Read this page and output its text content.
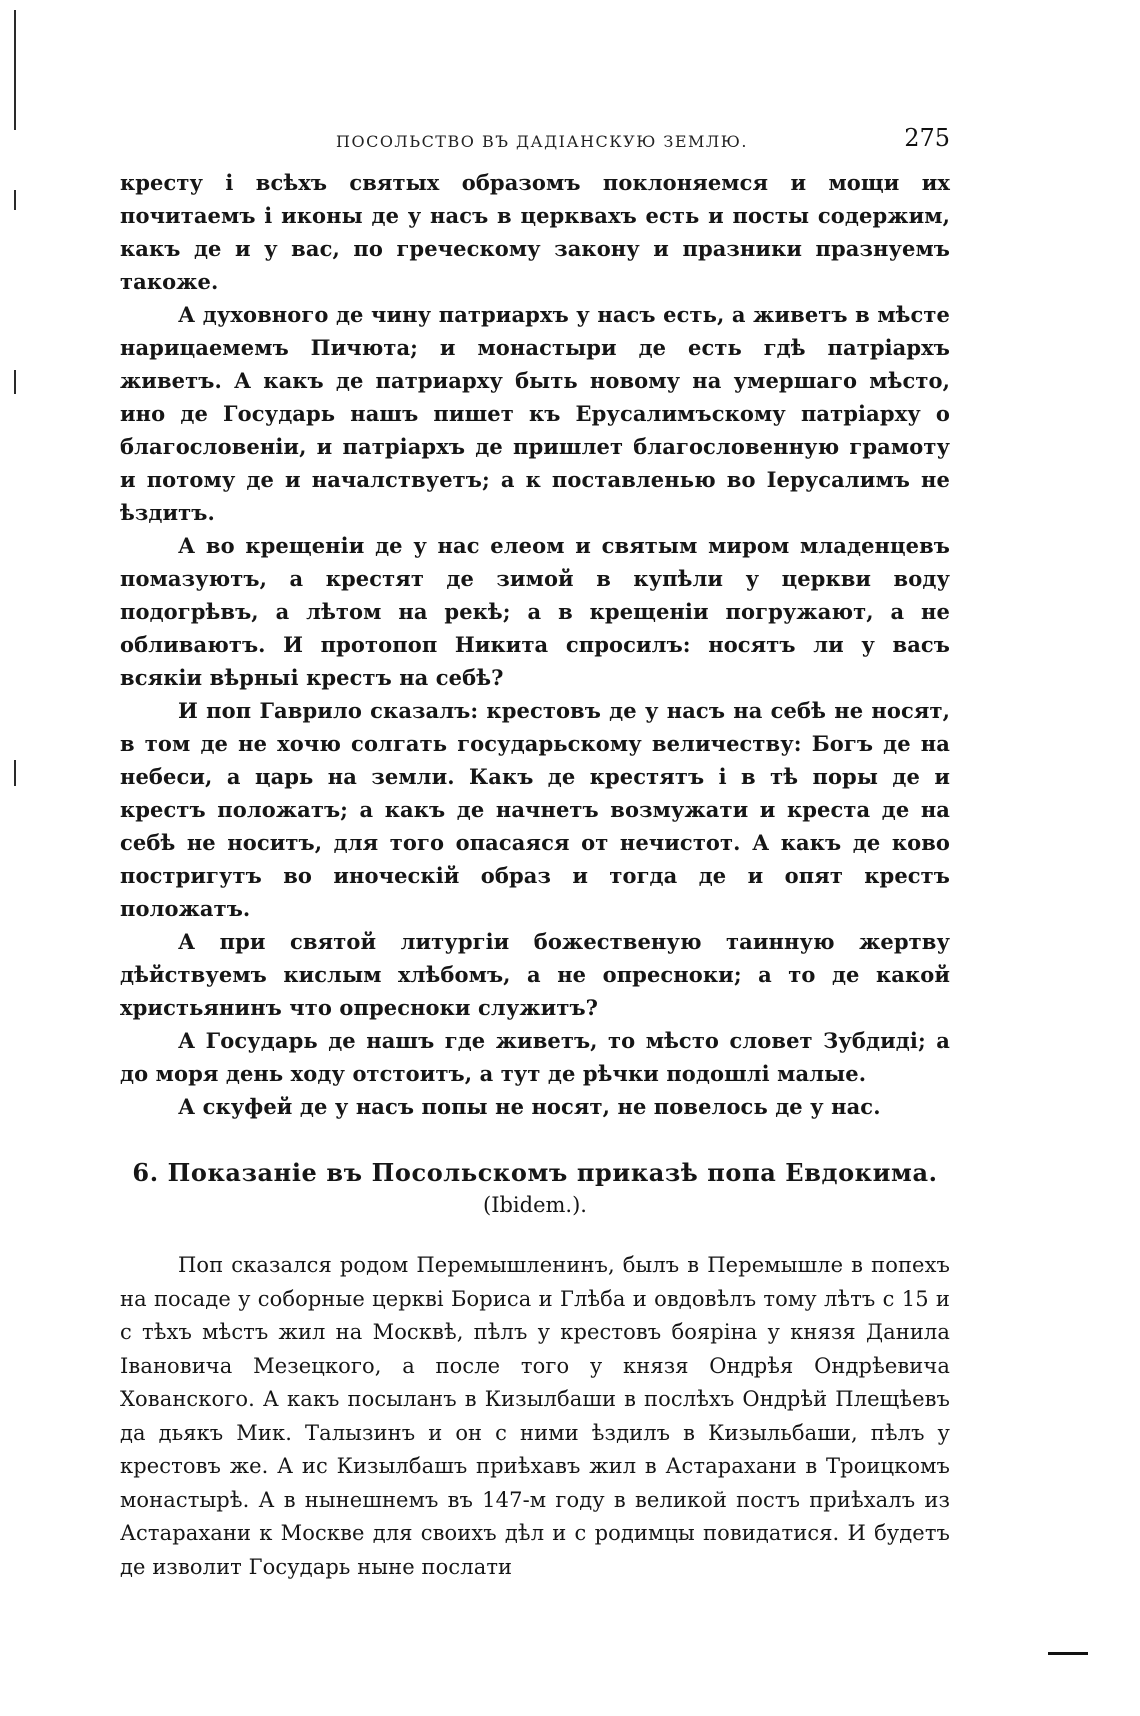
ПОСОЛЬСТВО ВЪ ДАДІАНСКУЮ ЗЕМЛЮ.	275

кресту і всѣхъ святых образомъ поклоняемся и мощи их почитаемъ і иконы де у насъ в церквахъ есть и посты содержим, какъ де и у вас, по греческому закону и празники празнуемъ такоже.

А духовного де чину патриархъ у насъ есть, а живетъ в мѣсте нарицаемемъ Пичюта; и монастыри де есть гдѣ патріархъ живетъ. А какъ де патриарху быть новому на умершаго мѣсто, ино де Государь нашъ пишет къ Ерусалимъскому патріарху о благословеніи, и патріархъ де пришлет благословенную грамоту и потому де и началствуетъ; а к поставленью во Іерусалимъ не ѣздитъ.

А во крещеніи де у нас елеом и святым миром младенцевъ помазуютъ, а крестят де зимой в купѣли у церкви воду подогрѣвъ, а лѣтом на рекѣ; а в крещеніи погружают, а не обливаютъ. И протопоп Никита спросилъ: носятъ ли у васъ всякіи вѣрныі крестъ на себѣ?

И поп Гаврило сказалъ: крестовъ де у насъ на себѣ не носят, в том де не хочю солгать государьскому величеству: Богъ де на небеси, а царь на земли. Какъ де крестятъ і в тѣ поры де и крестъ положатъ; а какъ де начнетъ возмужати и креста де на себѣ не носитъ, для того опасаяся от нечистот. А какъ де ково постригутъ во иноческій образ и тогда де и опят крестъ положатъ.

А при святой литургіи божественую таинную жертву дѣйствуемъ кислым хлѣбомъ, а не опресноки; а то де какой христьянинъ что опресноки служитъ?

А Государь де нашъ где живетъ, то мѣсто словет Зубдиді; а до моря день ходу отстоитъ, а тут де рѣчки подошлі малые.

А скуфей де у насъ попы не носят, не повелось де у нас.

6. Показаніе въ Посольскомъ приказѣ попа Евдокима.
(Ibidem.).

Поп сказался родом Перемышленинъ, былъ в Перемышле в попехъ на посаде у соборные церкві Бориса и Глѣба и овдовѣлъ тому лѣтъ с 15 и с тѣхъ мѣстъ жил на Москвѣ, пѣлъ у крестовъ бояріна у князя Данила Івановича Мезецкого, а после того у князя Ондрѣя Ондрѣевича Хованского. А какъ посыланъ в Кизылбаши в послѣхъ Ондрѣй Плещѣевъ да дьякъ Мик. Талызинъ и он с ними ѣздилъ в Кизыльбаши, пѣлъ у крестовъ же. А ис Кизылбашъ приѣхавъ жил в Астарахани в Троицкомъ монастырѣ. А в нынешнемъ въ 147-м году в великой постъ приѣхалъ из Астарахани к Москве для своихъ дѣл и с родимцы повидатися. И будетъ де изволит Государь ныне послати
